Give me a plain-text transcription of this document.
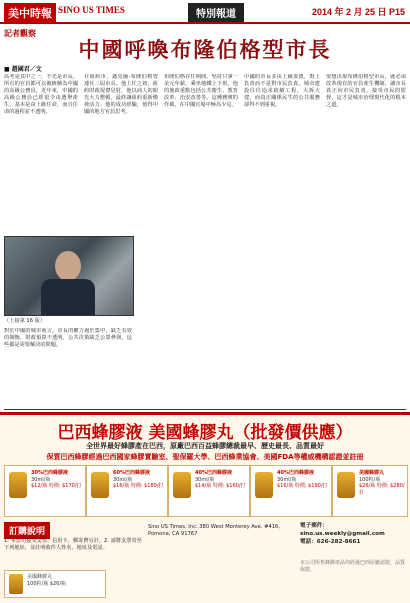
美中時報 SINO US TIMES	特別報道	2014 年 2 月 25 日 P15
記者觀察
中國呼喚布隆伯格型市長
■ 趙國君／文
高考是其中之一，不光是市長，所有的官員都可以被統稱為中國的高級公務員。近年來，中國的高級公務員已經很少由選舉產生，基本是由上級任命，而且任命的過程並不透明。
在紐約市，邁克爾·布隆伯格曾連任三屆市長。他上任之初，紐約財政捉襟見肘，他以商人的眼光大力整頓，最終讓紐約重新煥發活力。他的成功經驗，值得中國的地方官員思考。
布隆伯格在任期間，堅持只拿一美元年薪，乘坐地鐵上下班。他的施政重點包括公共衛生、教育改革、治安改善等。這種務實的作風，在中國官場中極為少見。
中國的市長多由上級委派，對上負責而不是對市民負責。城市建設往往追求政績工程，大拆大建，而真正關係民生的公共服務卻得不到重視。
要想出現布隆伯格型市長，就必須改革現有的官員產生機制，讓市長真正向市民負責，接受市民的監督，這才是城市治理現代化的根本之道。
（上接第 16 版）
對於中國的城市而言，市長的權力過於集中，缺乏有效的制衡。財政預算不透明，公共決策缺乏公眾參與，這些都是需要解決的問題。
巴西蜂膠液 美國蜂膠丸（批發價供應）
全世界最好蜂膠產在巴西，原廠巴西百益蜂膠總裁最早、歷史最長、品質最好
保質巴西蜂膠經過巴西國家蜂膠實驗室、聖保羅大學、巴西蜂業協會、美國FDA等權威機構認證並註冊
30%巴西蜂膠液
30ml/瓶
$12/瓶 特價: $170/打
60%巴西蜂膠液
30ml/瓶
$16/瓶 特價: $180/打
40%巴西蜂膠液
30ml/瓶
$14/瓶 特價: $160/打
40%巴西蜂膠液
30ml/瓶
$16/瓶 特價: $190/打
美國蜂膠丸
100粒/瓶
$26/瓶 特價: $280/打
訂購說明
1. 本公司接受支票、信用卡，郵寄費另計。2. 請將支票寄至下列地址，並註明收件人姓名、地址及電話。
美國蜂膠丸
100粒/瓶 $26/瓶
Sino US Times, Inc. 380 West Monterey Ave. #416, Pomona, CA 91767
電子郵件：sino.us.weekly@gmail.com
電話：626-282-8661
本公司所售蜂膠產品均經過巴西原廠認證，品質保證。
